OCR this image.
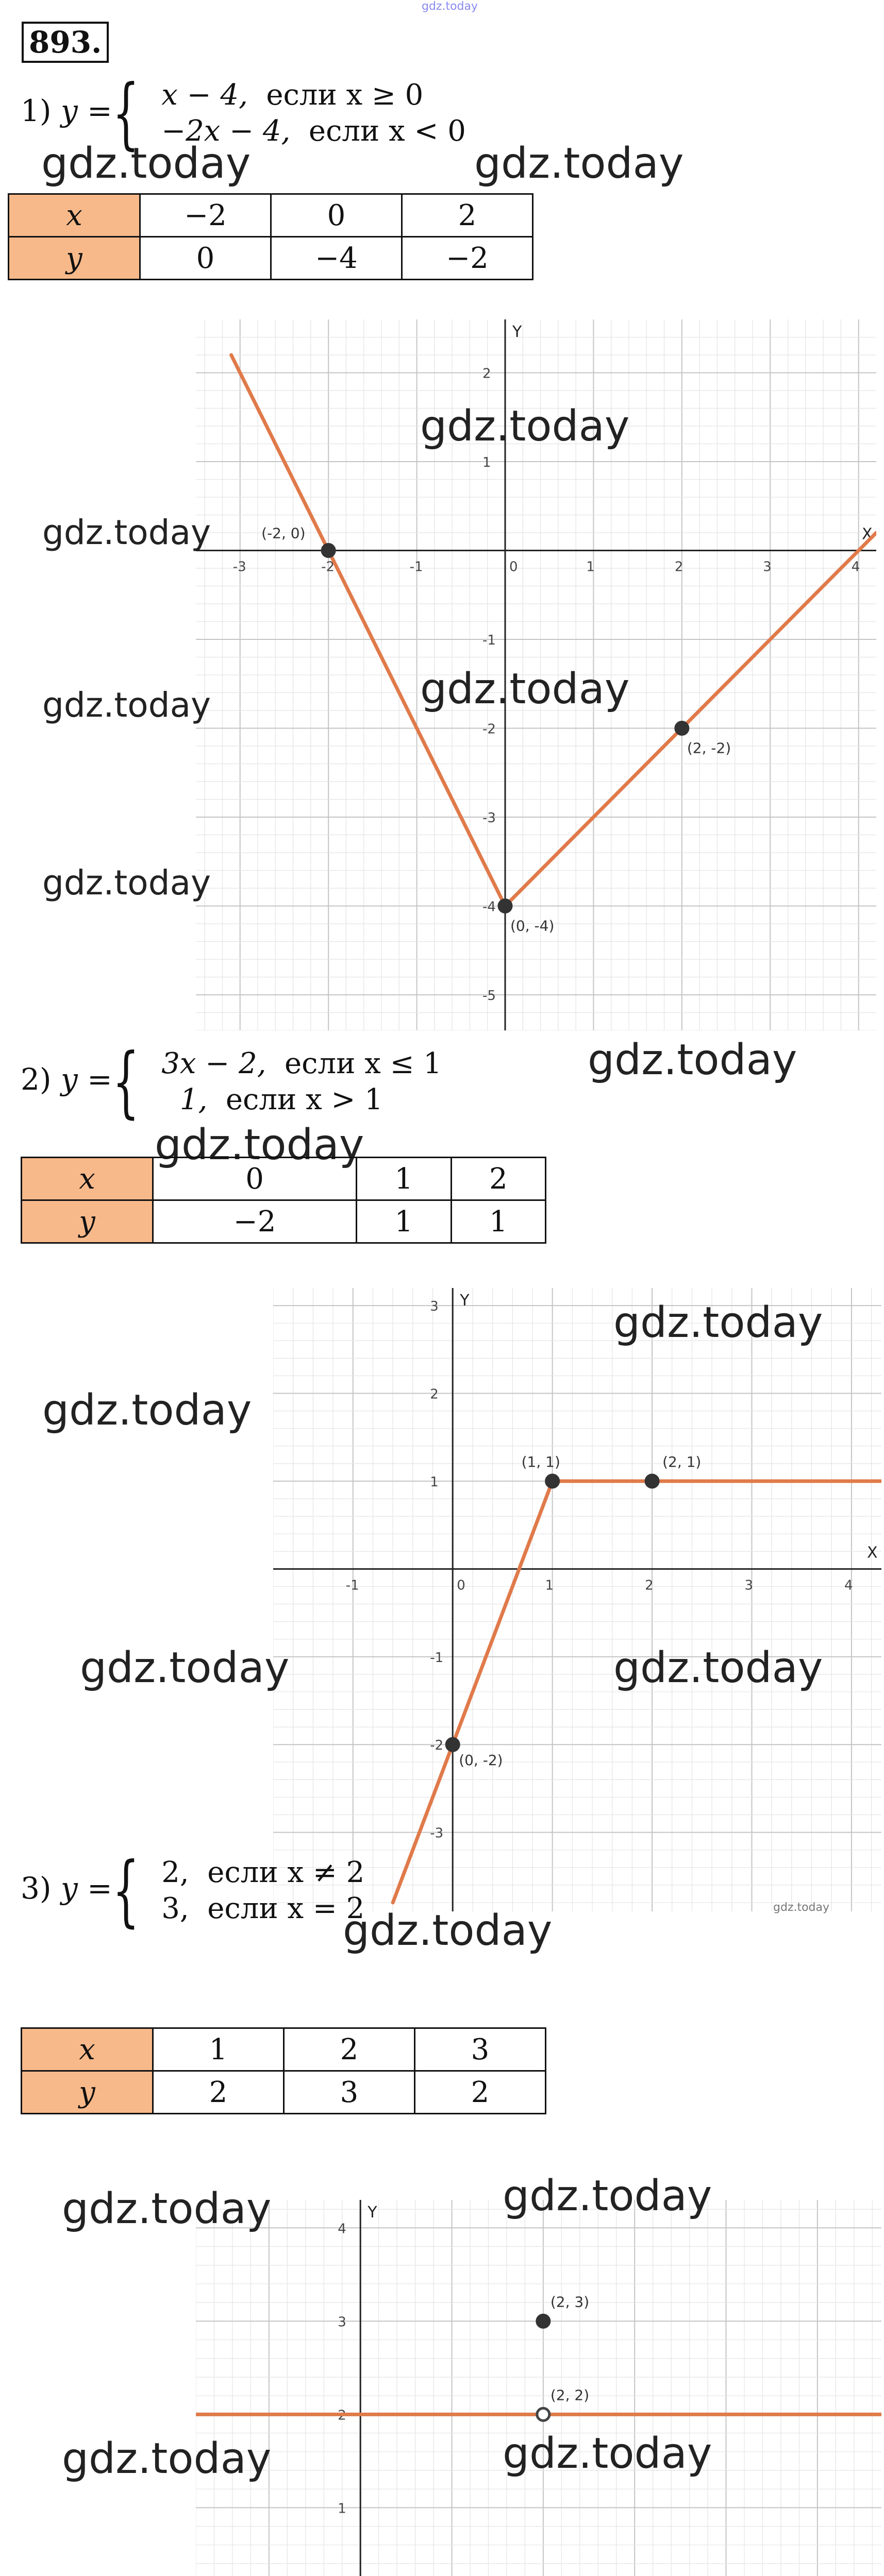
gdz.today
893.
1) y ={ x − 4, если x ≥ 0
−2x − 4, если x < 0
gdz.today	gdz.today
x	−2	0	2
y	0	−4	−2
X
Y
-3	-2	-1	0	1	2	3	4
2
1
-1
-2
-3
-4
-5
(-2, 0)
(0, -4)
(2, -2)
gdz.today
gdz.today
gdz.today
gdz.today
gdz.today
2) y ={ 3x − 2, если x ≤ 1
1, если x > 1
gdz.today
gdz.today
x	0	1	2
y	−2	1	1
X
Y
-1	0	1	2	3	4
3
2
1
-1
-2
-3
(1, 1)	(2, 1)
(0, -2)
gdz.today
gdz.today
gdz.today	gdz.today
gdz.today
3) y ={ 2, если x ≠ 2
3, если x = 2
gdz.today
x	1	2	3
y	2	3	2
Y
4
3
2
1
(2, 3)
(2, 2)
gdz.today	gdz.today
gdz.today
gdz.today
